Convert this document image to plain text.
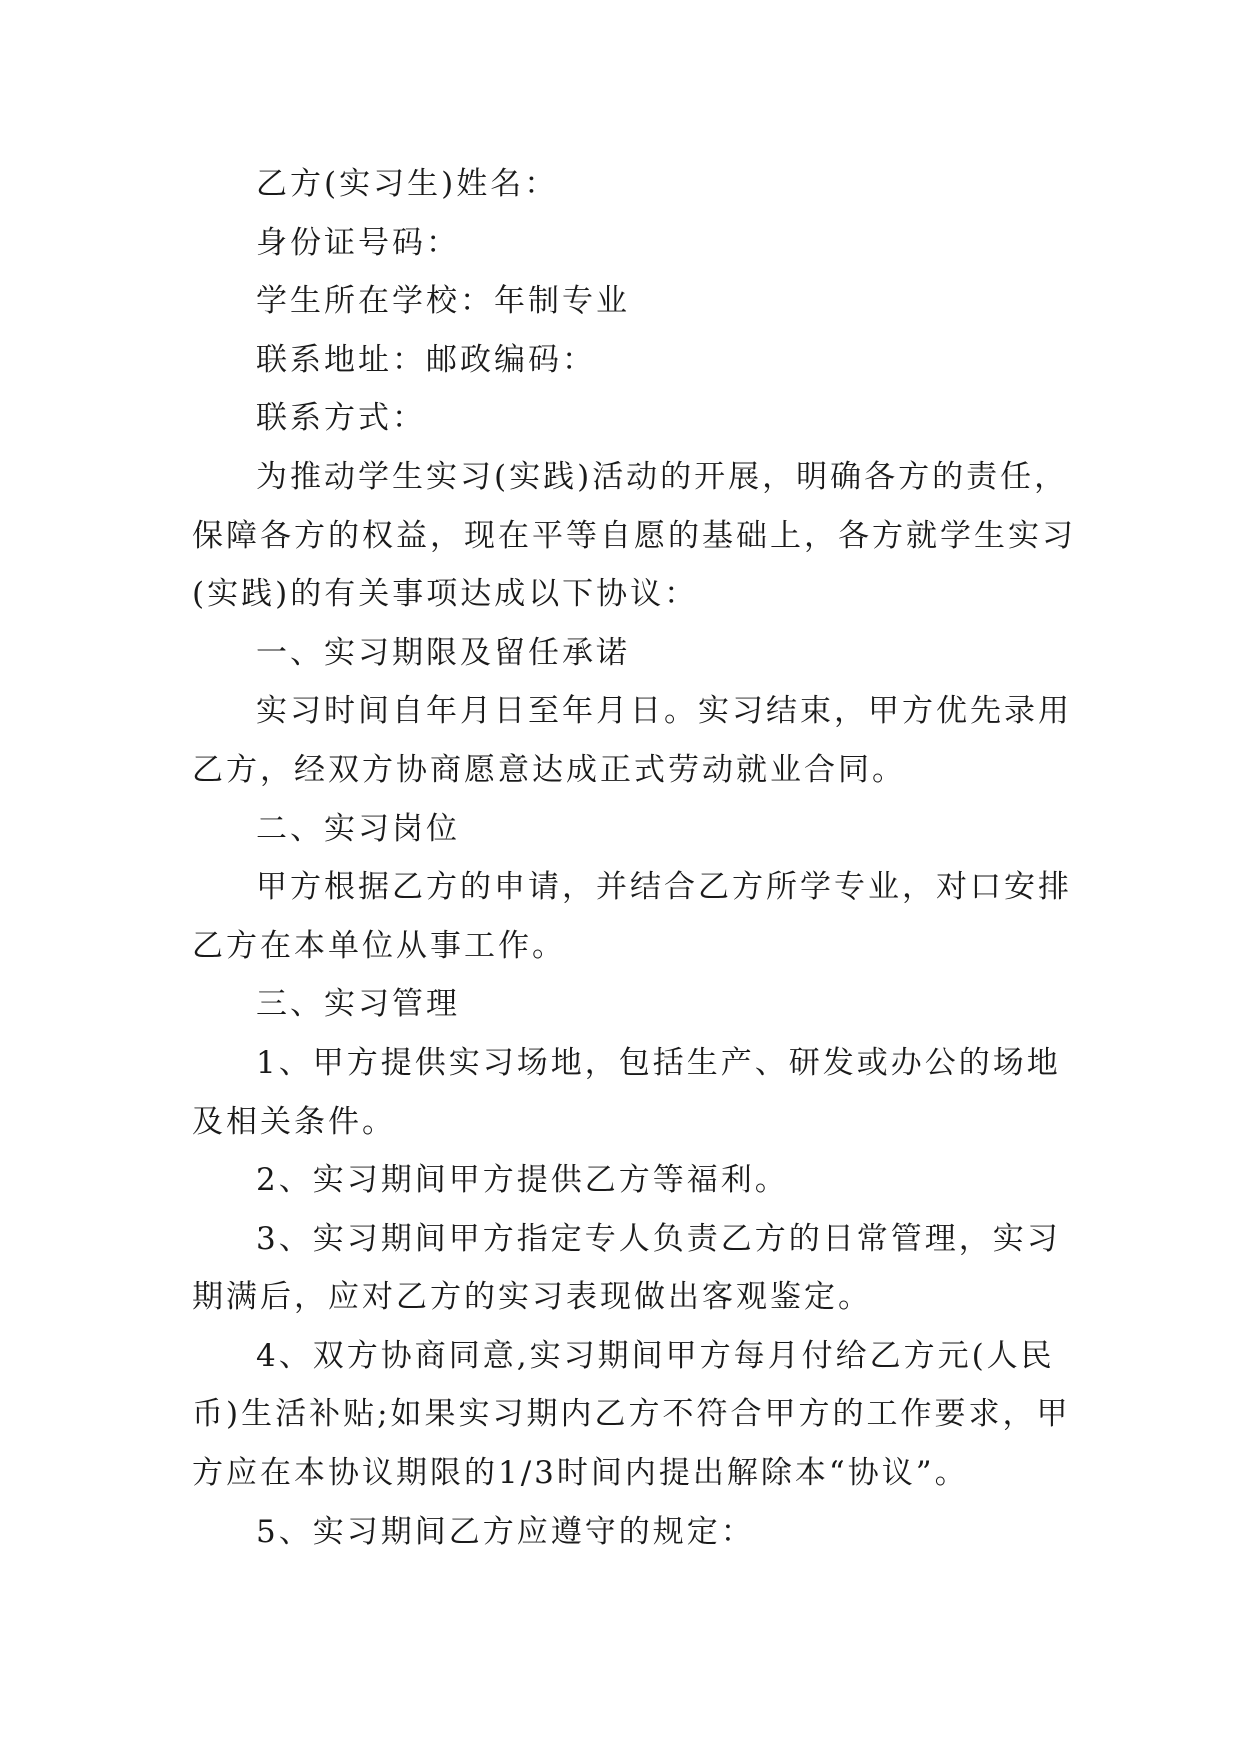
乙方(实习生)姓名：
身份证号码：
学生所在学校：年制专业
联系地址：邮政编码：
联系方式：
为推动学生实习(实践)活动的开展，明确各方的责任，
保障各方的权益，现在平等自愿的基础上，各方就学生实习
(实践)的有关事项达成以下协议：
一、实习期限及留任承诺
实习时间自年月日至年月日。实习结束，甲方优先录用
乙方，经双方协商愿意达成正式劳动就业合同。
二、实习岗位
甲方根据乙方的申请，并结合乙方所学专业，对口安排
乙方在本单位从事工作。
三、实习管理
1、甲方提供实习场地，包括生产、研发或办公的场地
及相关条件。
2、实习期间甲方提供乙方等福利。
3、实习期间甲方指定专人负责乙方的日常管理，实习
期满后，应对乙方的实习表现做出客观鉴定。
4、双方协商同意,实习期间甲方每月付给乙方元(人民
币)生活补贴;如果实习期内乙方不符合甲方的工作要求，甲
方应在本协议期限的1/3时间内提出解除本“协议”。
5、实习期间乙方应遵守的规定：
